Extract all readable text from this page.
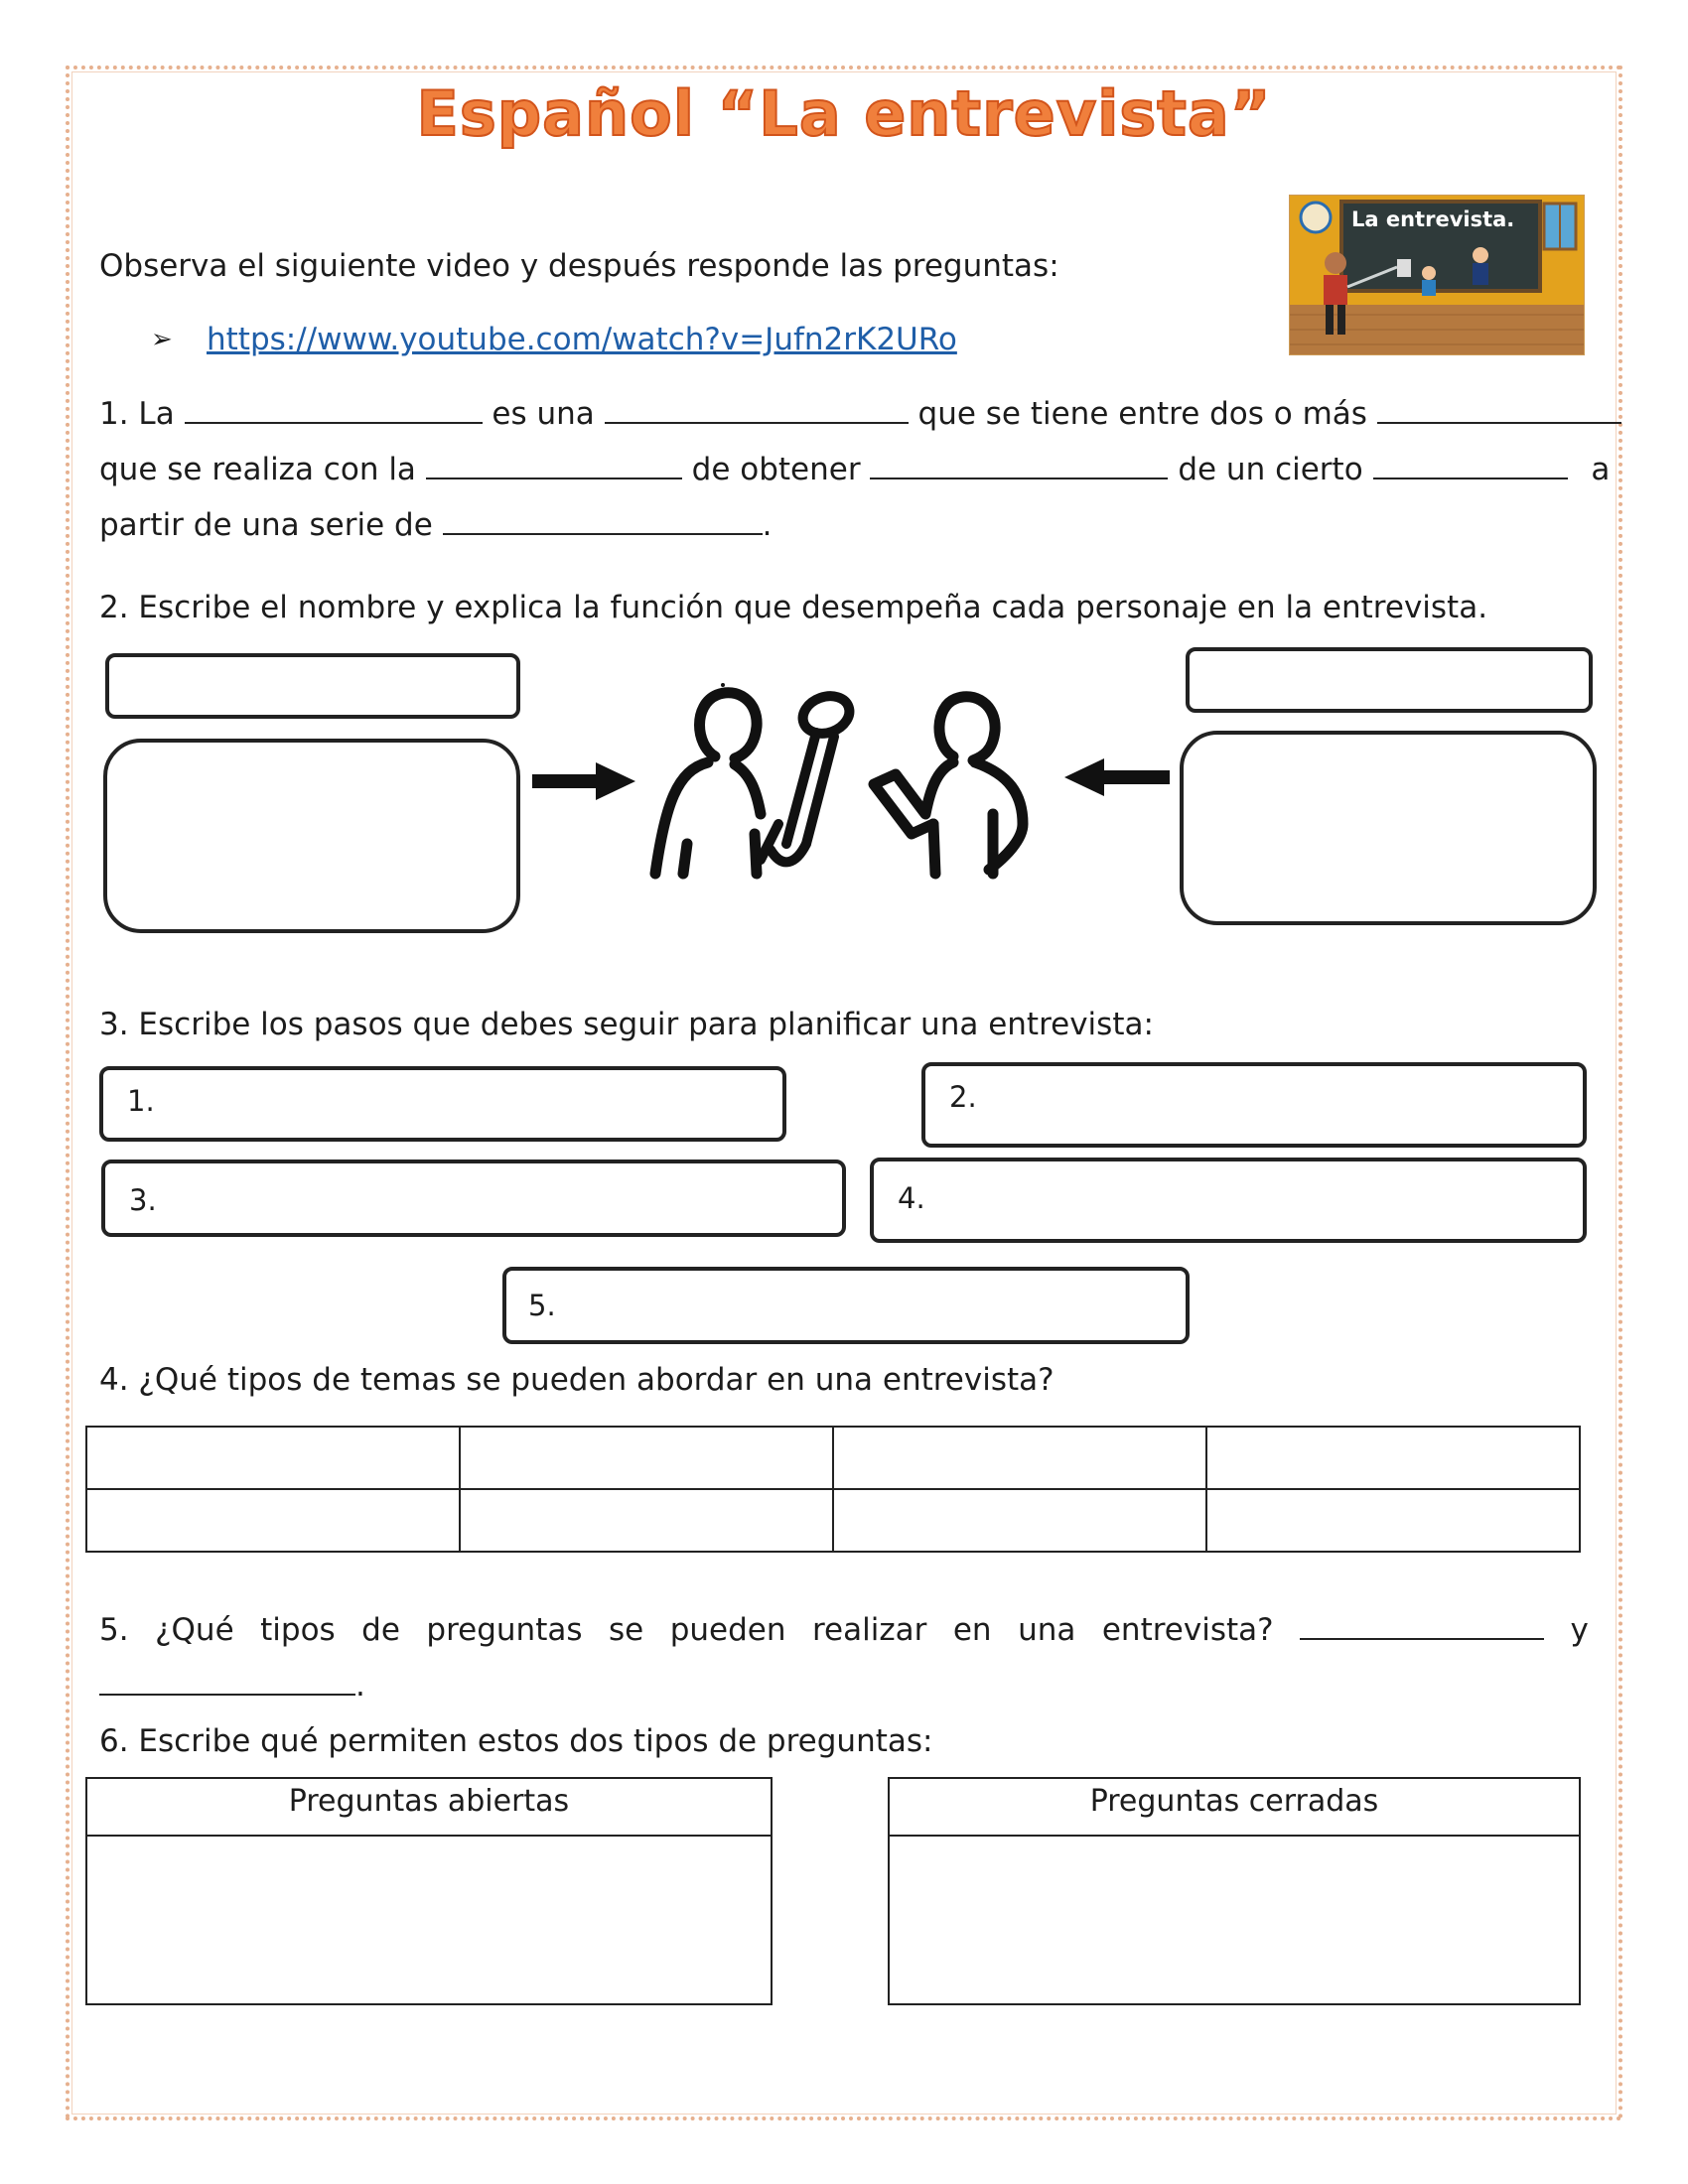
Español “La entrevista”
Observa el siguiente video y después responde las preguntas:
➢ https://www.youtube.com/watch?v=Jufn2rK2URo
La entrevista.
1. La	es una	que se tiene entre dos o más
que se realiza con la	de obtener	de un cierto	a
partir de una serie de	.
2. Escribe el nombre y explica la función que desempeña cada personaje en la entrevista.
3. Escribe los pasos que debes seguir para planificar una entrevista:
1.	2.
3.	4.
5.
4. ¿Qué tipos de temas se pueden abordar en una entrevista?

5. ¿Qué tipos de preguntas se pueden realizar en una entrevista?	y
.
6. Escribe qué permiten estos dos tipos de preguntas:
Preguntas abiertas	Preguntas cerradas
